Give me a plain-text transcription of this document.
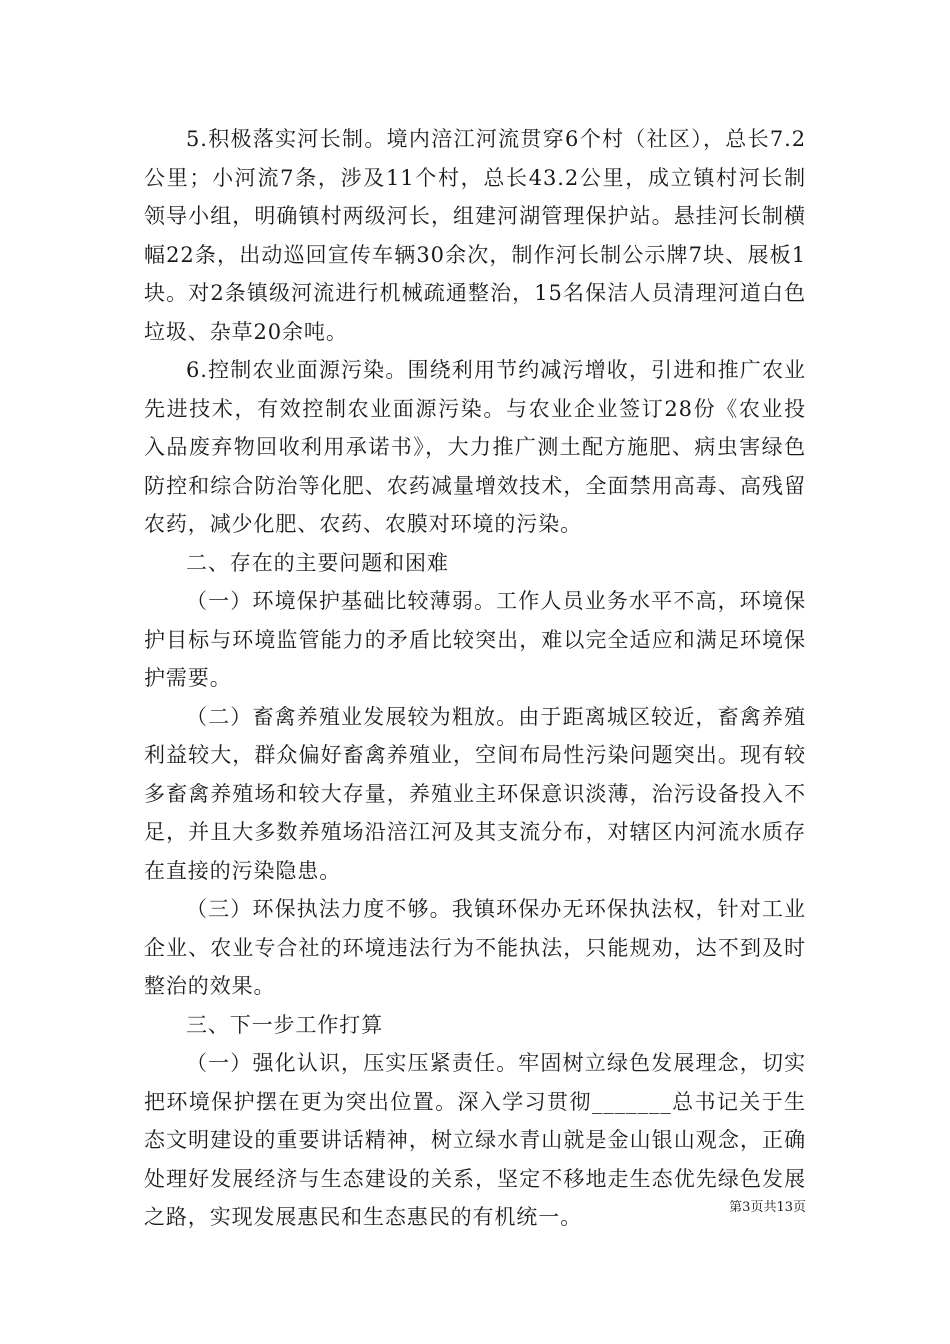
5.积极落实河长制。境内涪江河流贯穿6个村（社区），总长7.2公里；小河流7条，涉及11个村，总长43.2公里，成立镇村河长制领导小组，明确镇村两级河长，组建河湖管理保护站。悬挂河长制横幅22条，出动巡回宣传车辆30余次，制作河长制公示牌7块、展板1块。对2条镇级河流进行机械疏通整治，15名保洁人员清理河道白色垃圾、杂草20余吨。

6.控制农业面源污染。围绕利用节约减污增收，引进和推广农业先进技术，有效控制农业面源污染。与农业企业签订28份《农业投入品废弃物回收利用承诺书》，大力推广测土配方施肥、病虫害绿色防控和综合防治等化肥、农药减量增效技术，全面禁用高毒、高残留农药，减少化肥、农药、农膜对环境的污染。

二、存在的主要问题和困难

（一）环境保护基础比较薄弱。工作人员业务水平不高，环境保护目标与环境监管能力的矛盾比较突出，难以完全适应和满足环境保护需要。

（二）畜禽养殖业发展较为粗放。由于距离城区较近，畜禽养殖利益较大，群众偏好畜禽养殖业，空间布局性污染问题突出。现有较多畜禽养殖场和较大存量，养殖业主环保意识淡薄，治污设备投入不足，并且大多数养殖场沿涪江河及其支流分布，对辖区内河流水质存在直接的污染隐患。

（三）环保执法力度不够。我镇环保办无环保执法权，针对工业企业、农业专合社的环境违法行为不能执法，只能规劝，达不到及时整治的效果。

三、下一步工作打算

（一）强化认识，压实压紧责任。牢固树立绿色发展理念，切实把环境保护摆在更为突出位置。深入学习贯彻_______总书记关于生态文明建设的重要讲话精神，树立绿水青山就是金山银山观念，正确处理好发展经济与生态建设的关系，坚定不移地走生态优先绿色发展之路，实现发展惠民和生态惠民的有机统一。	第3页共13页
